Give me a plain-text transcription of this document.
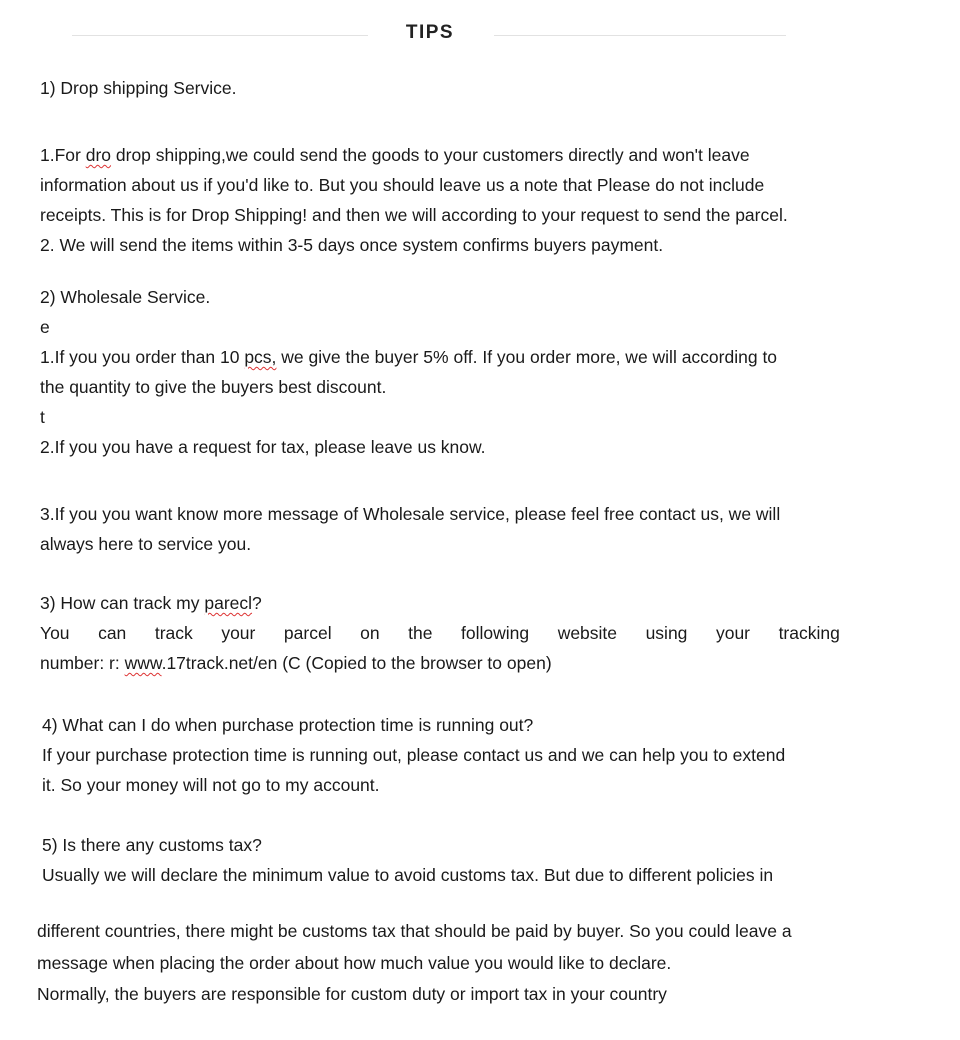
TIPS
1) Drop shipping Service.
1.For dro drop shipping,we could send the goods to your customers directly and won't leave
information about us if you'd like to. But you should leave us a note that Please do not include
receipts. This is for Drop Shipping! and then we will according to your request to send the parcel.
2. We will send the items within 3-5 days once system confirms buyers payment.
2) Wholesale Service.
e
1.If you you order than 10 pcs, we give the buyer 5% off. If you order more, we will according to
the quantity to give the buyers best discount.
t
2.If you you have a request for tax, please leave us know.
3.If you you want know more message of Wholesale service, please feel free contact us, we will
always here to service you.
3) How can track my parecl?
You can track your parcel on the following website using your tracking
number: r: www.17track.net/en (C (Copied to the browser to open)
4) What can I do when purchase protection time is running out?
If your purchase protection time is running out, please contact us and we can help you to extend
it. So your money will not go to my account.
5) Is there any customs tax?
Usually we will declare the minimum value to avoid customs tax. But due to different policies in
different countries, there might be customs tax that should be paid by buyer. So you could leave a
message when placing the order about how much value you would like to declare.
Normally, the buyers are responsible for custom duty or import tax in your country
